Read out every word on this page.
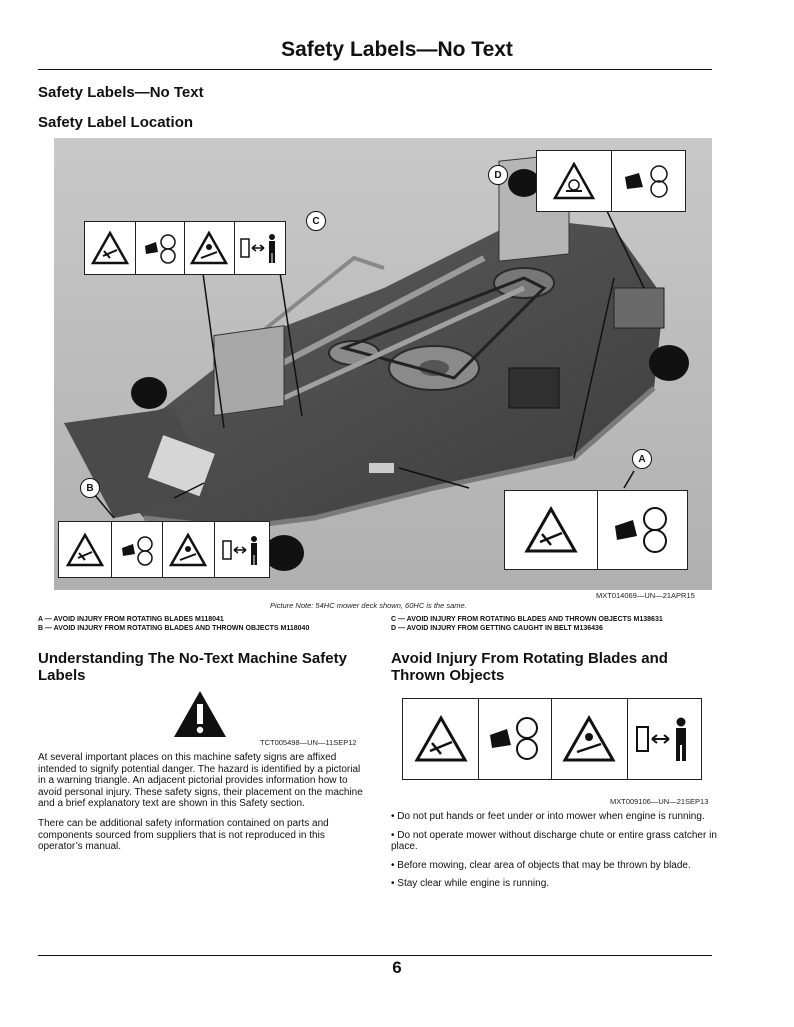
Safety Labels—No Text
Safety Labels—No Text
Safety Label Location
C
D
B
A
MXT014069—UN—21APR15
Picture Note: 54HC mower deck shown, 60HC is the same.
A — AVOID INJURY FROM ROTATING BLADES M118041
B — AVOID INJURY FROM ROTATING BLADES AND THROWN OBJECTS M118040
C — AVOID INJURY FROM ROTATING BLADES AND THROWN OBJECTS M138631
D — AVOID INJURY FROM GETTING CAUGHT IN BELT M136436
Understanding The No-Text Machine Safety Labels
TCT005498—UN—11SEP12
At several important places on this machine safety signs are affixed intended to signify potential danger. The hazard is identified by a pictorial in a warning triangle. An adjacent pictorial provides information how to avoid personal injury. These safety signs, their placement on the machine and a brief explanatory text are shown in this Safety section.
There can be additional safety information contained on parts and components sourced from suppliers that is not reproduced in this operator’s manual.
Avoid Injury From Rotating Blades and Thrown Objects
MXT009106—UN—21SEP13
• Do not put hands or feet under or into mower when engine is running.
• Do not operate mower without discharge chute or entire grass catcher in place.
• Before mowing, clear area of objects that may be thrown by blade.
• Stay clear while engine is running.
6
